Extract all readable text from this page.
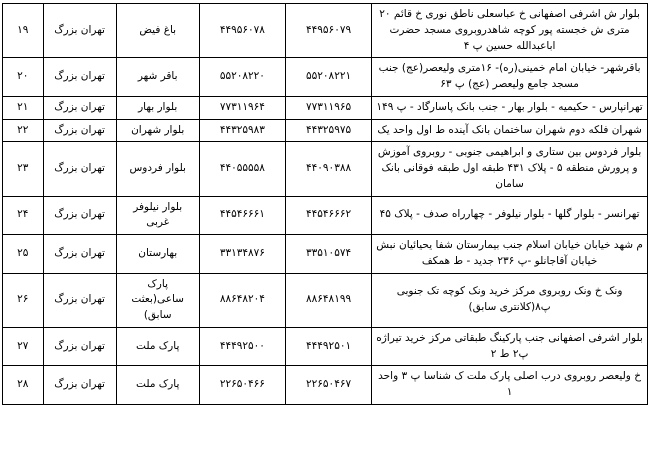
بلوار ش اشرفی اصفهانی خ عباسعلی ناطق نوری خ قائم ۲۰ متری ش خجسته پور کوچه شاهدروبروی مسجد حضرت اباعبدالله حسین پ ۴	۴۴۹۵۶۰۷۹	۴۴۹۵۶۰۷۸	باغ فیض	تهران بزرگ	۱۹
باقرشهر- خیابان امام خمینی(ره)- ۱۶متری ولیعصر(عج) جنب مسجد جامع ولیعصر (عج) پ ۶۳	۵۵۲۰۸۲۲۱	۵۵۲۰۸۲۲۰	باقر شهر	تهران بزرگ	۲۰
تهرانپارس - حکیمیه - بلوار بهار - جنب بانک پاسارگاد - پ ۱۴۹	۷۷۳۱۱۹۶۵	۷۷۳۱۱۹۶۴	بلوار بهار	تهران بزرگ	۲۱
شهران فلکه دوم شهران ساختمان بانک آینده ط اول واحد یک	۴۴۳۲۵۹۷۵	۴۴۳۲۵۹۸۳	بلوار شهران	تهران بزرگ	۲۲
بلوار فردوس بین ستاری و ابراهیمی جنوبی - روبروی آموزش و پرورش منطقه ۵ - پلاک ۴۳۱ طبقه اول طبقه فوقانی بانک سامان	۴۴۰۹۰۳۸۸	۴۴۰۵۵۵۵۸	بلوار فردوس	تهران بزرگ	۲۳
تهرانسر - بلوار گلها - بلوار نیلوفر - چهارراه صدف - پلاک ۴۵	۴۴۵۴۶۶۶۲	۴۴۵۴۶۶۶۱	بلوار نیلوفر غربی	تهران بزرگ	۲۴
م شهد خیابان خیابان اسلام جنب بیمارستان شفا یحیائیان نبش خیابان آقاجانلو -پ ۲۳۶ جدید - ط همکف	۳۳۵۱۰۵۷۴	۳۳۱۳۴۸۷۶	بهارستان	تهران بزرگ	۲۵
ونک خ ونک روبروی مرکز خرید ونک کوچه تک جنوبی پ۸(کلانتری سابق)	۸۸۶۴۸۱۹۹	۸۸۶۴۸۲۰۴	پارک ساعی(بعثت سابق)	تهران بزرگ	۲۶
بلوار اشرفی اصفهانی جنب پارکینگ طبقاتی مرکز خرید تیراژه پ۲ ط ۲	۴۴۴۹۲۵۰۱	۴۴۴۹۲۵۰۰	پارک ملت	تهران بزرگ	۲۷
خ ولیعصر روبروی درب اصلی پارک ملت ک شناسا پ ۳ واحد ۱	۲۲۶۵۰۴۶۷	۲۲۶۵۰۴۶۶	پارک ملت	تهران بزرگ	۲۸
